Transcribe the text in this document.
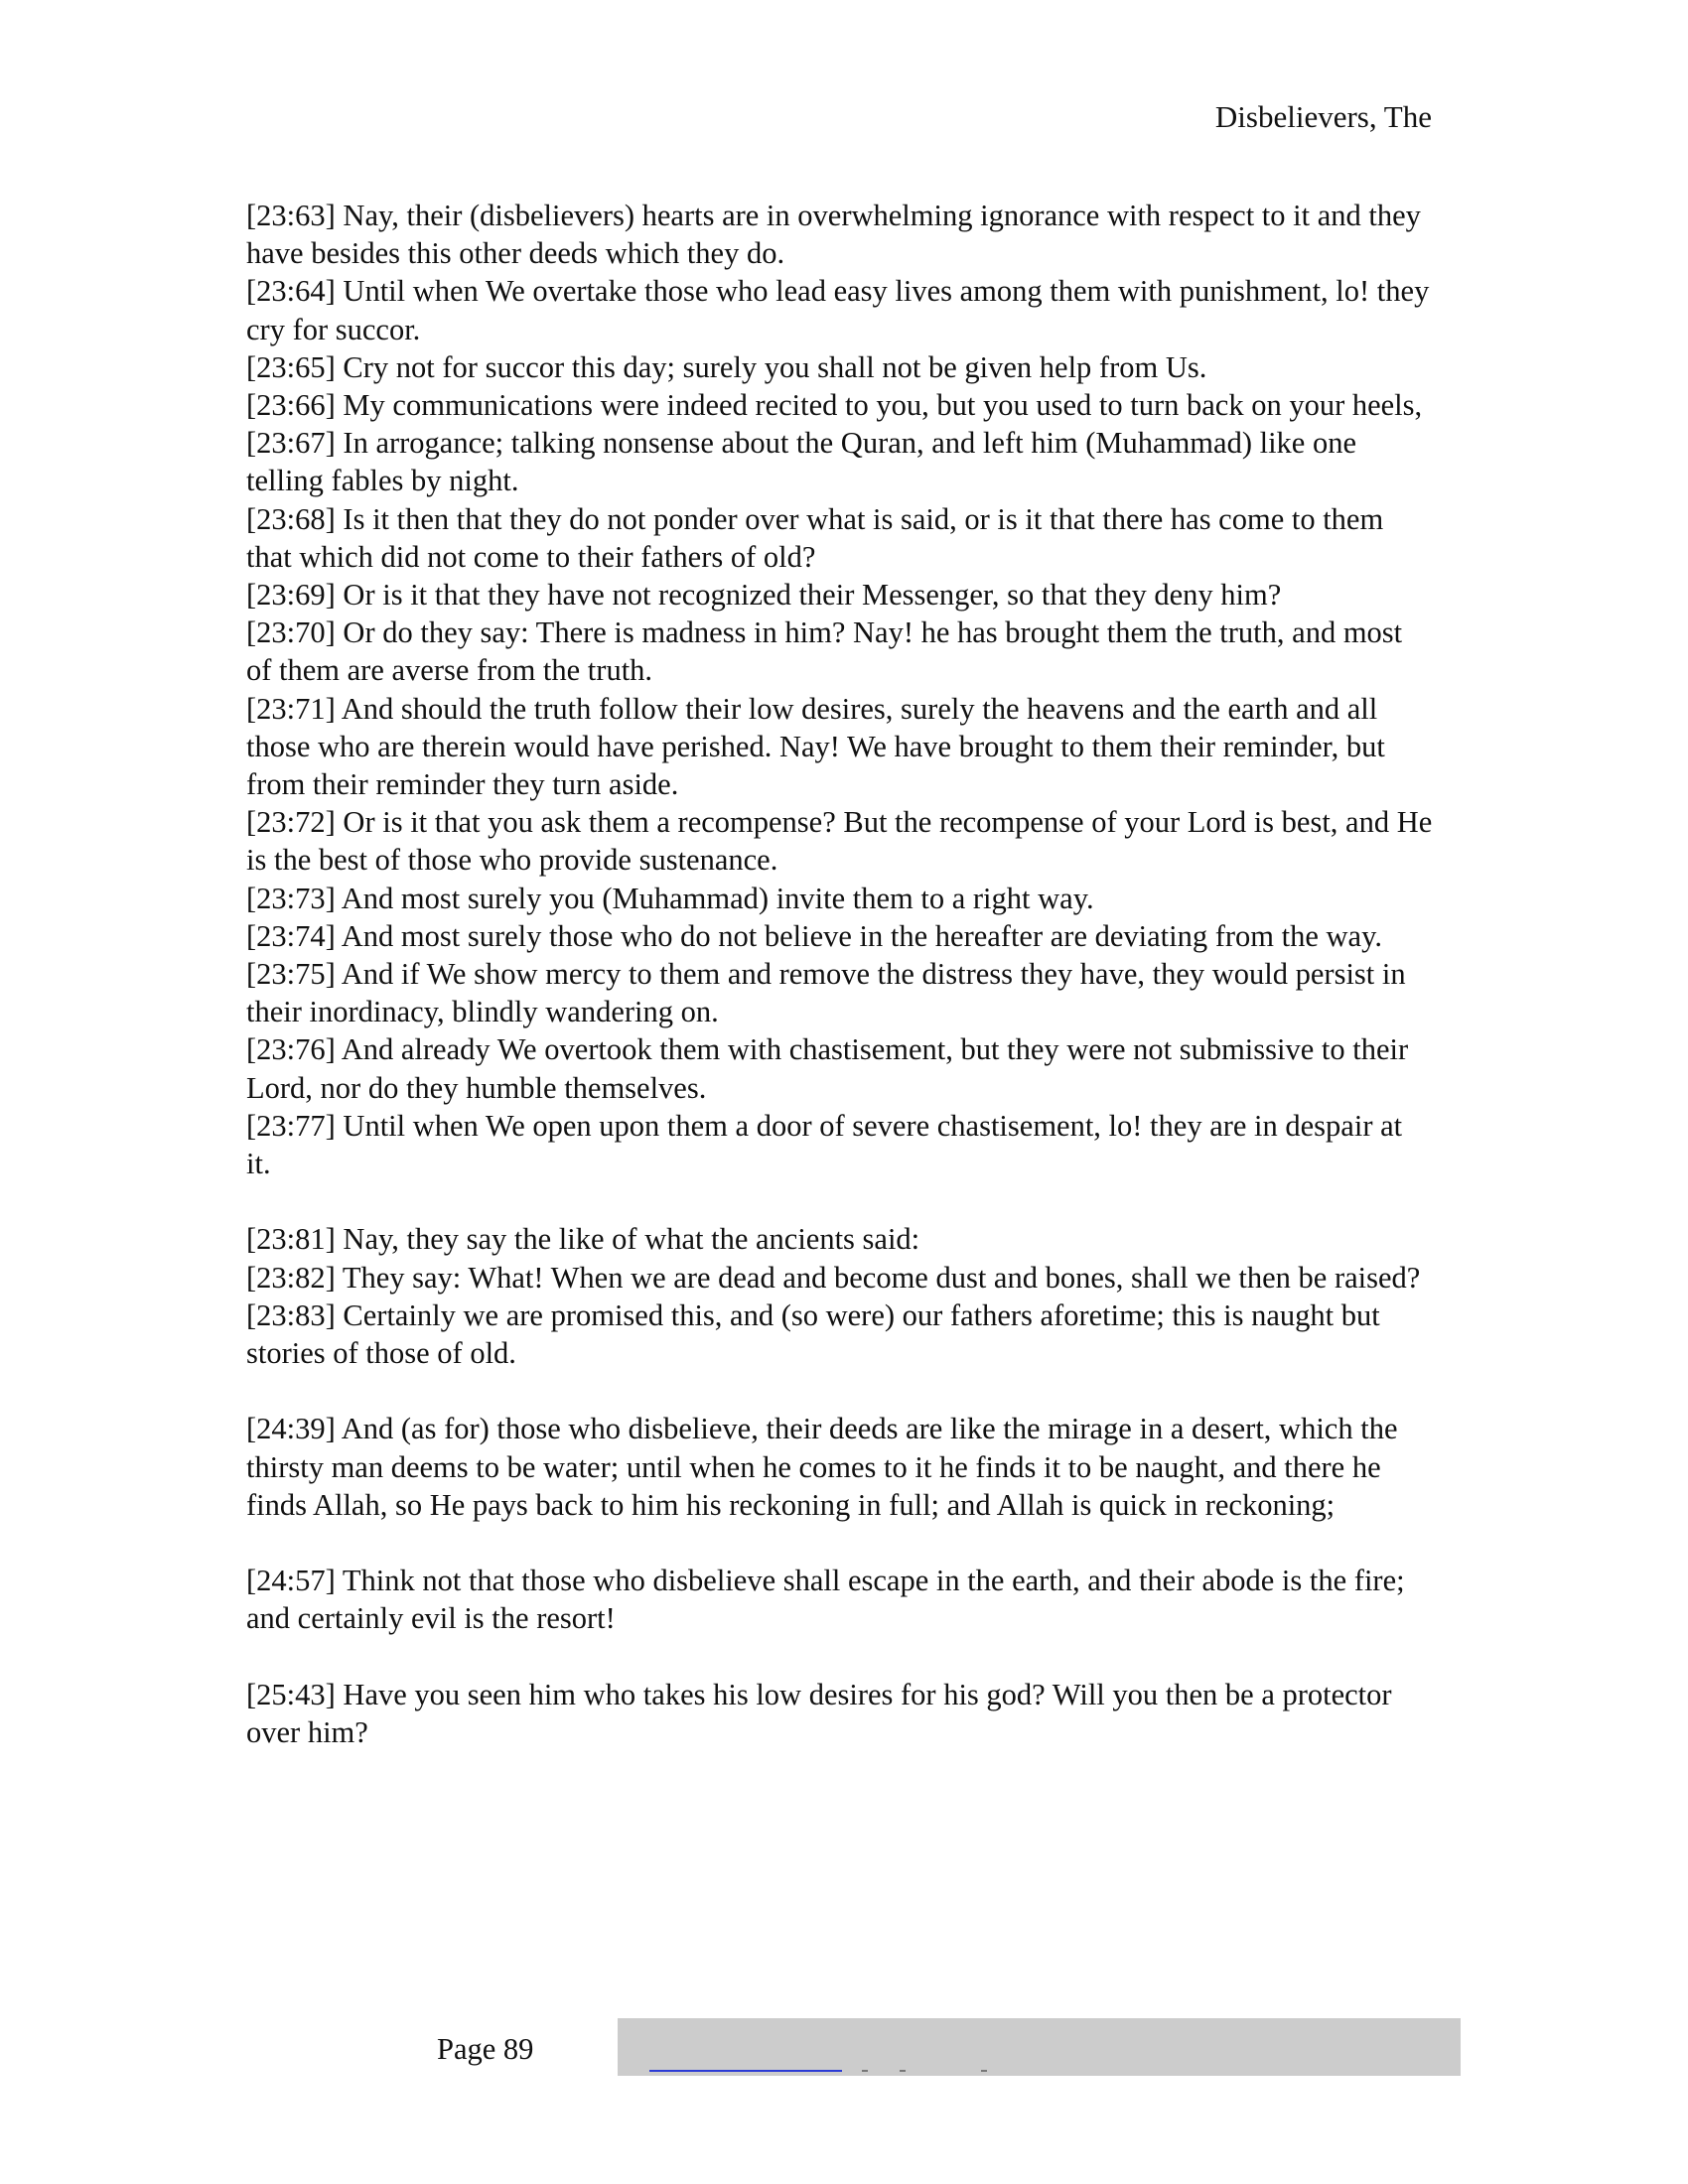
Disbelievers, The
[23:63] Nay, their (disbelievers) hearts are in overwhelming ignorance with respect to it and they have besides this other deeds which they do.
[23:64] Until when We overtake those who lead easy lives among them with punishment, lo! they cry for succor.
[23:65] Cry not for succor this day; surely you shall not be given help from Us.
[23:66] My communications were indeed recited to you, but you used to turn back on your heels,
[23:67] In arrogance; talking nonsense about the Quran, and left him (Muhammad) like one telling fables by night.
[23:68] Is it then that they do not ponder over what is said, or is it that there has come to them that which did not come to their fathers of old?
[23:69] Or is it that they have not recognized their Messenger, so that they deny him?
[23:70] Or do they say: There is madness in him? Nay! he has brought them the truth, and most of them are averse from the truth.
[23:71] And should the truth follow their low desires, surely the heavens and the earth and all those who are therein would have perished. Nay! We have brought to them their reminder, but from their reminder they turn aside.
[23:72] Or is it that you ask them a recompense? But the recompense of your Lord is best, and He is the best of those who provide sustenance.
[23:73] And most surely you (Muhammad) invite them to a right way.
[23:74] And most surely those who do not believe in the hereafter are deviating from the way.
[23:75] And if We show mercy to them and remove the distress they have, they would persist in their inordinacy, blindly wandering on.
[23:76] And already We overtook them with chastisement, but they were not submissive to their Lord, nor do they humble themselves.
[23:77] Until when We open upon them a door of severe chastisement, lo! they are in despair at it.
[23:81] Nay, they say the like of what the ancients said:
[23:82] They say: What! When we are dead and become dust and bones, shall we then be raised?
[23:83] Certainly we are promised this, and (so were) our fathers aforetime; this is naught but stories of those of old.
[24:39] And (as for) those who disbelieve, their deeds are like the mirage in a desert, which the thirsty man deems to be water; until when he comes to it he finds it to be naught, and there he finds Allah, so He pays back to him his reckoning in full; and Allah is quick in reckoning;
[24:57] Think not that those who disbelieve shall escape in the earth, and their abode is the fire; and certainly evil is the resort!
[25:43] Have you seen him who takes his low desires for his god? Will you then be a protector over him?
Page 89
